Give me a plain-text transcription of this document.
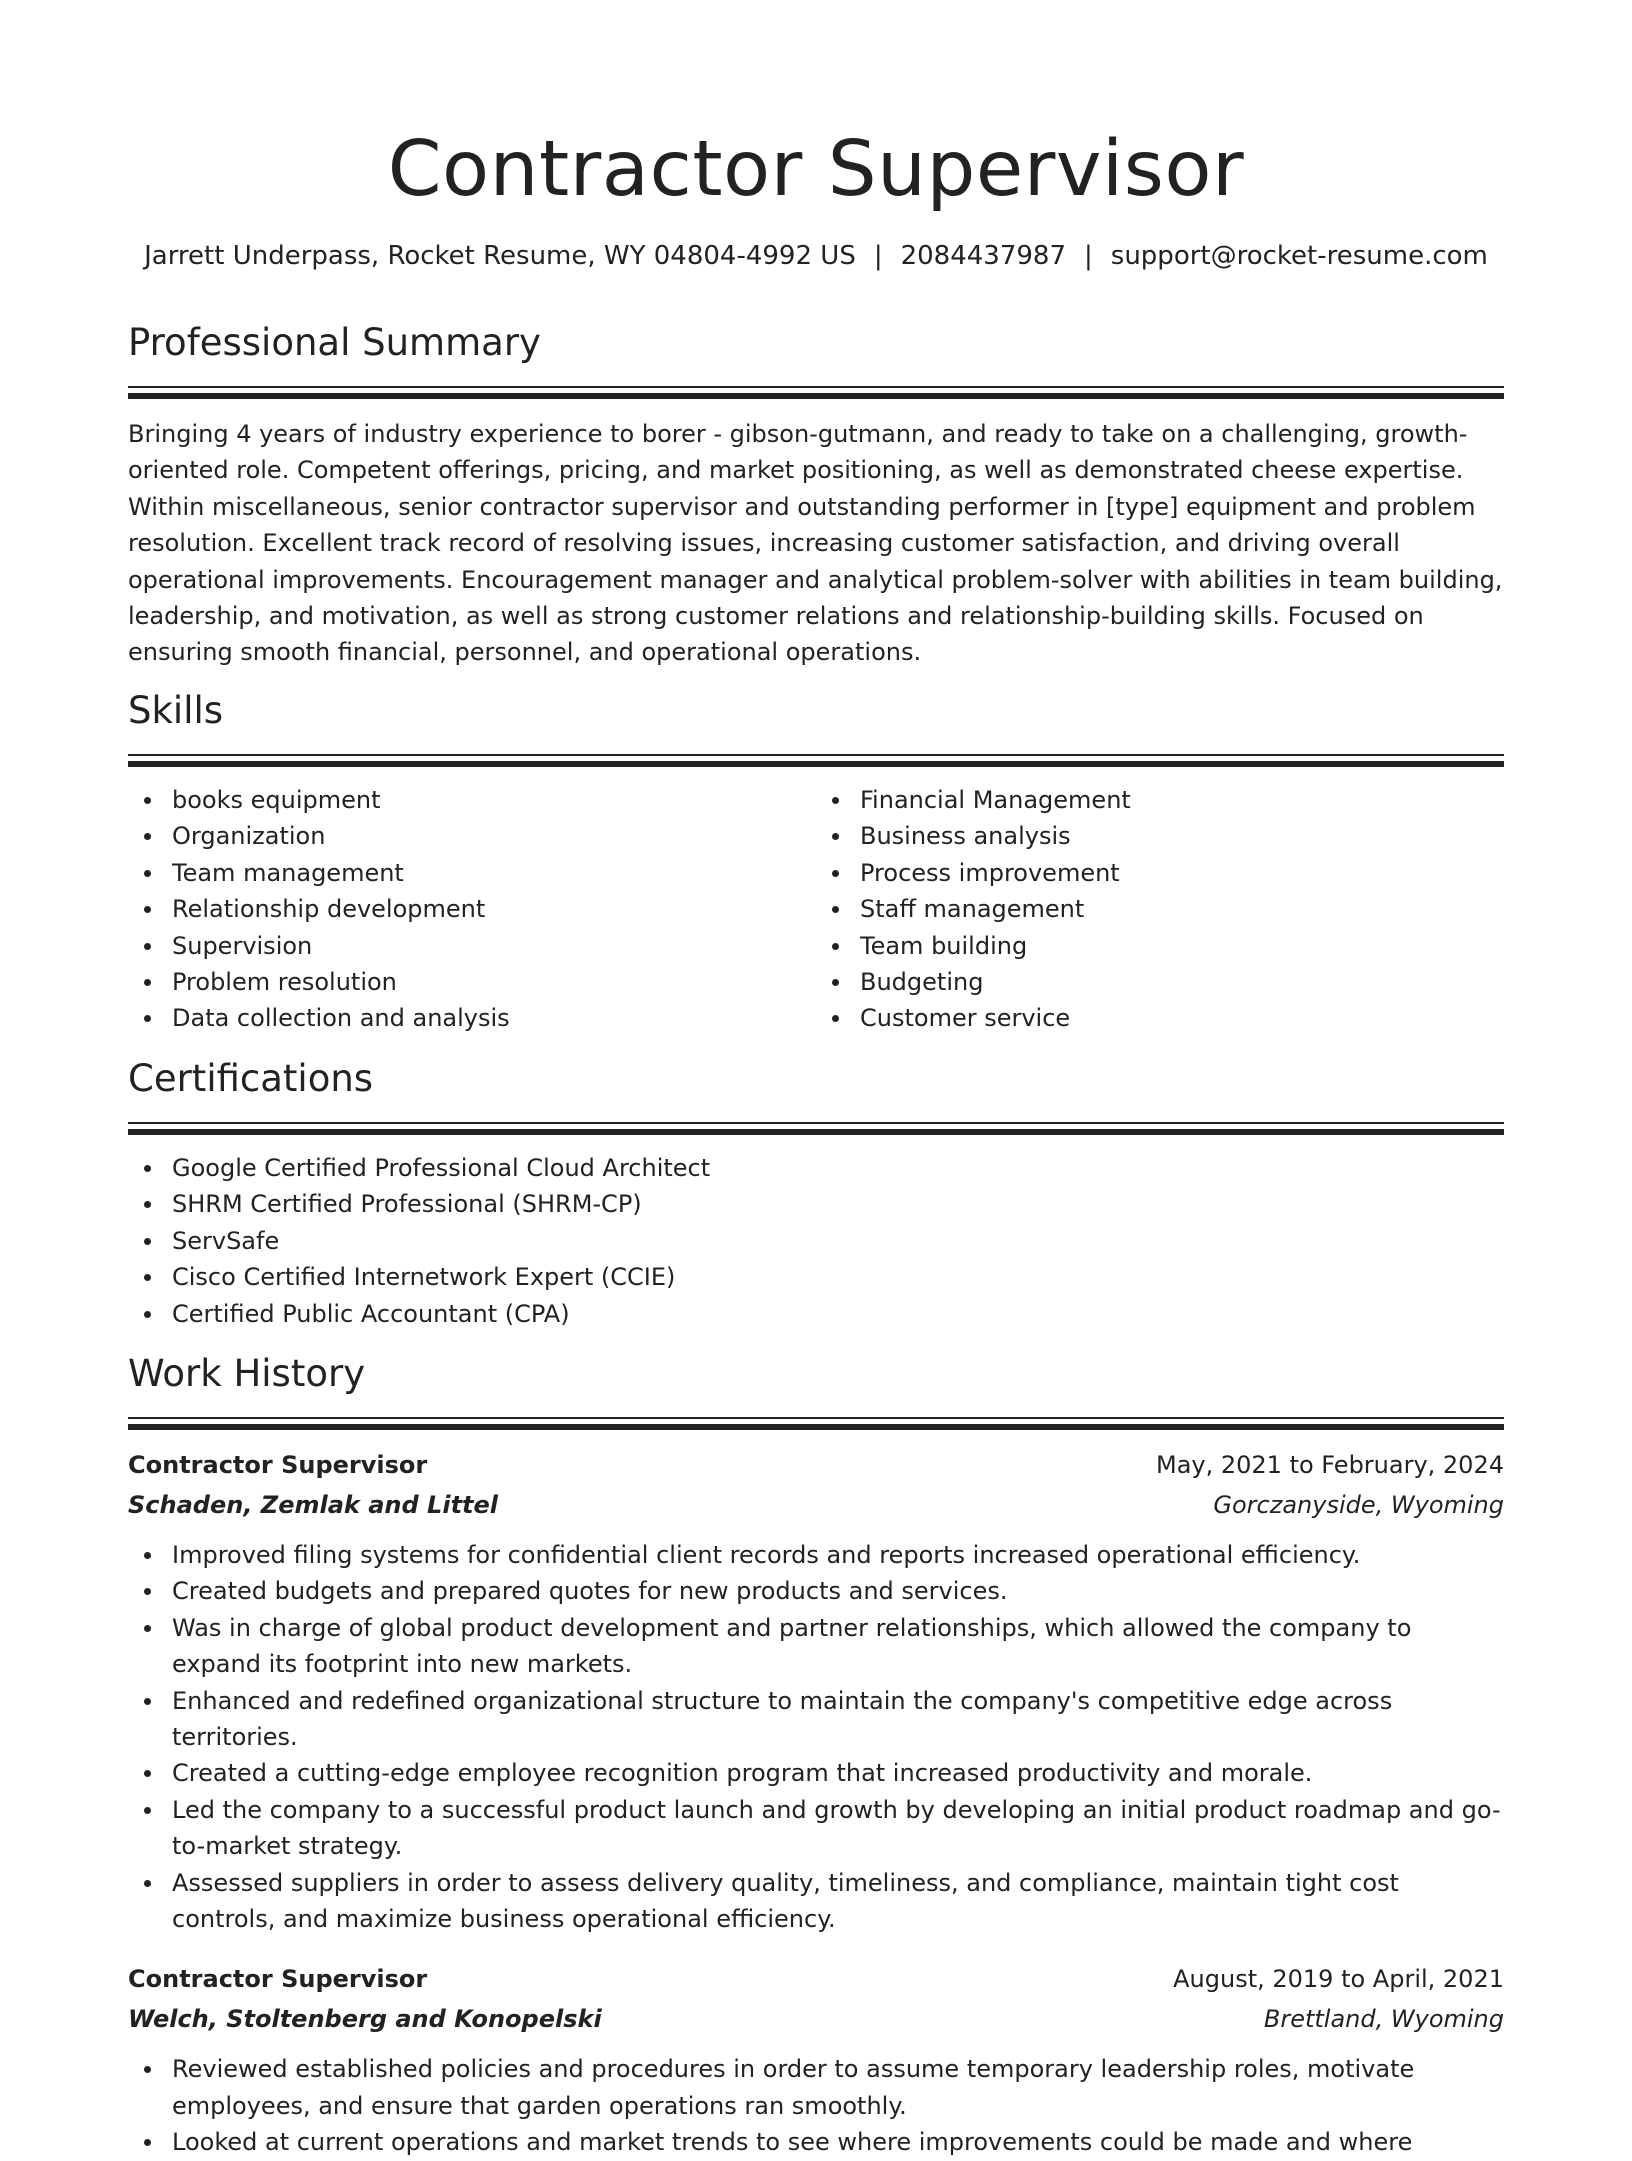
Contractor Supervisor
Jarrett Underpass, Rocket Resume, WY 04804-4992 US | 2084437987 | support@rocket-resume.com
Professional Summary

Bringing 4 years of industry experience to borer - gibson-gutmann, and ready to take on a challenging, growth-oriented role. Competent offerings, pricing, and market positioning, as well as demonstrated cheese expertise. Within miscellaneous, senior contractor supervisor and outstanding performer in [type] equipment and problem resolution. Excellent track record of resolving issues, increasing customer satisfaction, and driving overall operational improvements. Encouragement manager and analytical problem-solver with abilities in team building, leadership, and motivation, as well as strong customer relations and relationship-building skills. Focused on ensuring smooth financial, personnel, and operational operations.

Skills
books equipment
Organization
Team management
Relationship development
Supervision
Problem resolution
Data collection and analysis
Financial Management
Business analysis
Process improvement
Staff management
Team building
Budgeting
Customer service
Certifications
Google Certified Professional Cloud Architect
SHRM Certified Professional (SHRM-CP)
ServSafe
Cisco Certified Internetwork Expert (CCIE)
Certified Public Accountant (CPA)
Work History
Contractor Supervisor	May, 2021 to February, 2024
Schaden, Zemlak and Littel	Gorczanyside, Wyoming
Improved filing systems for confidential client records and reports increased operational efficiency.
Created budgets and prepared quotes for new products and services.
Was in charge of global product development and partner relationships, which allowed the company to expand its footprint into new markets.
Enhanced and redefined organizational structure to maintain the company's competitive edge across territories.
Created a cutting-edge employee recognition program that increased productivity and morale.
Led the company to a successful product launch and growth by developing an initial product roadmap and go-to-market strategy.
Assessed suppliers in order to assess delivery quality, timeliness, and compliance, maintain tight cost controls, and maximize business operational efficiency.
Contractor Supervisor	August, 2019 to April, 2021
Welch, Stoltenberg and Konopelski	Brettland, Wyoming
Reviewed established policies and procedures in order to assume temporary leadership roles, motivate employees, and ensure that garden operations ran smoothly.
Looked at current operations and market trends to see where improvements could be made and where
